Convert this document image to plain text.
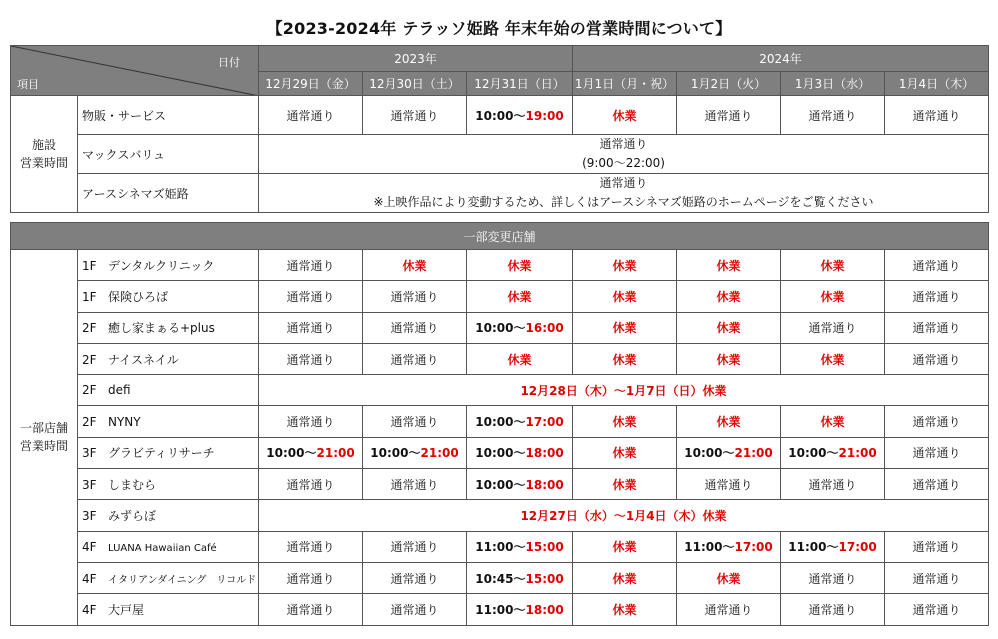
【2023-2024年 テラッソ姫路 年末年始の営業時間について】
日付
項目		2023年			2024年			
		12月29日（金）	12月30日（土）	12月31日（日）	1月1日（月・祝）	1月2日（火）	1月3日（水）	1月4日（木）
施設
営業時間	物販・サービス	通常通り	通常通り	10:00〜19:00	休業	通常通り	通常通り	通常通り
	マックスバリュ	通常通り
(9:00〜22:00)						

	アースシネマズ姫路	通常通り
※上映作品により変動するため、詳しくはアースシネマズ姫路のホームページをご覧ください						
一部変更店舗								
一部店舗
営業時間	1F デンタルクリニック	通常通り	休業	休業	休業	休業	休業	通常通り
	1F 保険ひろば	通常通り	通常通り	休業	休業	休業	休業	通常通り
	2F 癒し家まぁる+plus	通常通り	通常通り	10:00〜16:00	休業	休業	通常通り	通常通り
	2F ナイスネイル	通常通り	通常通り	休業	休業	休業	休業	通常通り
	2F defi	12月28日（木）〜1月7日（日）休業						
	2F NYNY	通常通り	通常通り	10:00〜17:00	休業	休業	休業	通常通り
	3F グラビティリサーチ	10:00〜21:00	10:00〜21:00	10:00〜18:00	休業	10:00〜21:00	10:00〜21:00	通常通り
	3F しまむら	通常通り	通常通り	10:00〜18:00	休業	通常通り	通常通り	通常通り
	3F みずらぼ	12月27日（水）〜1月4日（木）休業						
	4F LUANA Hawaiian Café	通常通り	通常通り	11:00〜15:00	休業	11:00〜17:00	11:00〜17:00	通常通り
	4F イタリアンダイニング　リコルド	通常通り	通常通り	10:45〜15:00	休業	休業	通常通り	通常通り
	4F 大戸屋	通常通り	通常通り	11:00〜18:00	休業	通常通り	通常通り	通常通り
